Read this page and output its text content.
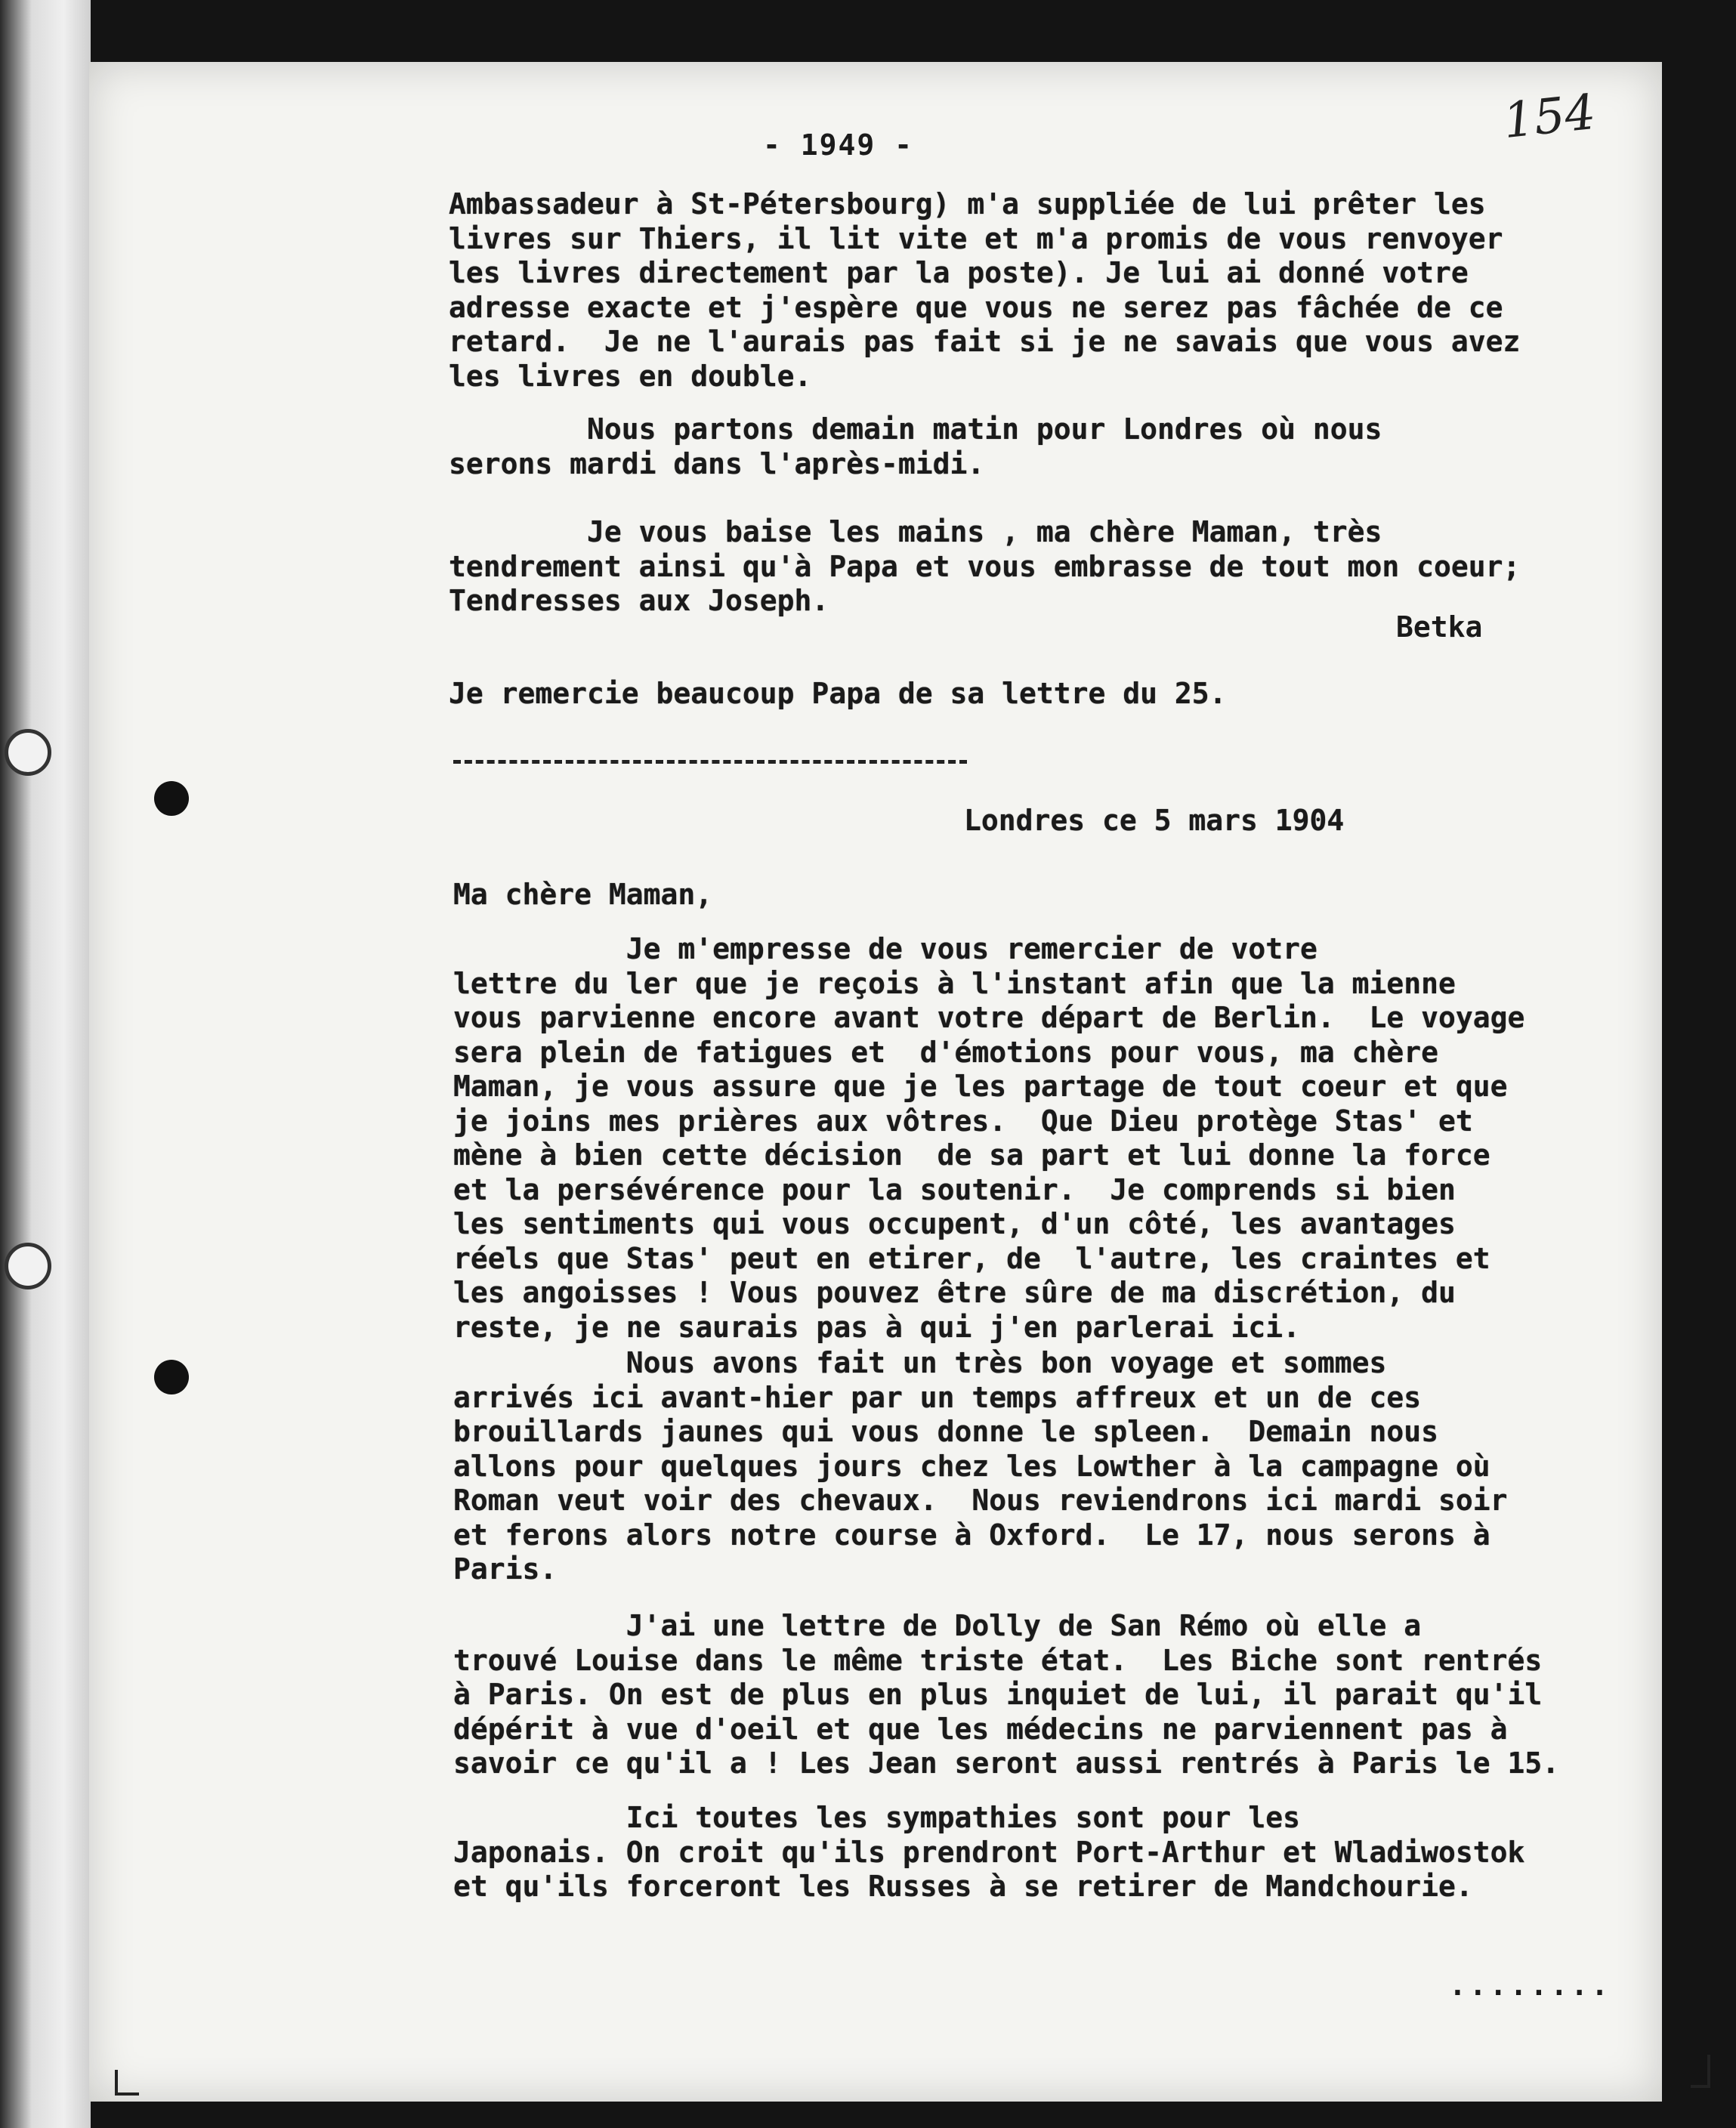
154
- 1949 -
Ambassadeur à St-Pétersbourg) m'a suppliée de lui prêter les
livres sur Thiers, il lit vite et m'a promis de vous renvoyer
les livres directement par la poste). Je lui ai donné votre
adresse exacte et j'espère que vous ne serez pas fâchée de ce
retard.  Je ne l'aurais pas fait si je ne savais que vous avez
les livres en double.

Nous partons demain matin pour Londres où nous
serons mardi dans l'après-midi.

Je vous baise les mains , ma chère Maman, très
tendrement ainsi qu'à Papa et vous embrasse de tout mon coeur;
Tendresses aux Joseph.

Betka
Je remercie beaucoup Papa de sa lettre du 25.
Londres ce 5 mars 1904
Ma chère Maman,
Je m'empresse de vous remercier de votre
lettre du ler que je reçois à l'instant afin que la mienne
vous parvienne encore avant votre départ de Berlin.  Le voyage
sera plein de fatigues et  d'émotions pour vous, ma chère
Maman, je vous assure que je les partage de tout coeur et que
je joins mes prières aux vôtres.  Que Dieu protège Stas' et
mène à bien cette décision  de sa part et lui donne la force
et la persévérence pour la soutenir.  Je comprends si bien
les sentiments qui vous occupent, d'un côté, les avantages
réels que Stas' peut en etirer, de  l'autre, les craintes et
les angoisses ! Vous pouvez être sûre de ma discrétion, du
reste, je ne saurais pas à qui j'en parlerai ici.

Nous avons fait un très bon voyage et sommes
arrivés ici avant-hier par un temps affreux et un de ces
brouillards jaunes qui vous donne le spleen.  Demain nous
allons pour quelques jours chez les Lowther à la campagne où
Roman veut voir des chevaux.  Nous reviendrons ici mardi soir
et ferons alors notre course à Oxford.  Le 17, nous serons à
Paris.

J'ai une lettre de Dolly de San Rémo où elle a
trouvé Louise dans le même triste état.  Les Biche sont rentrés
à Paris. On est de plus en plus inquiet de lui, il parait qu'il
dépérit à vue d'oeil et que les médecins ne parviennent pas à
savoir ce qu'il a ! Les Jean seront aussi rentrés à Paris le 15.

Ici toutes les sympathies sont pour les
Japonais. On croit qu'ils prendront Port-Arthur et Wladiwostok
et qu'ils forceront les Russes à se retirer de Mandchourie.

........
